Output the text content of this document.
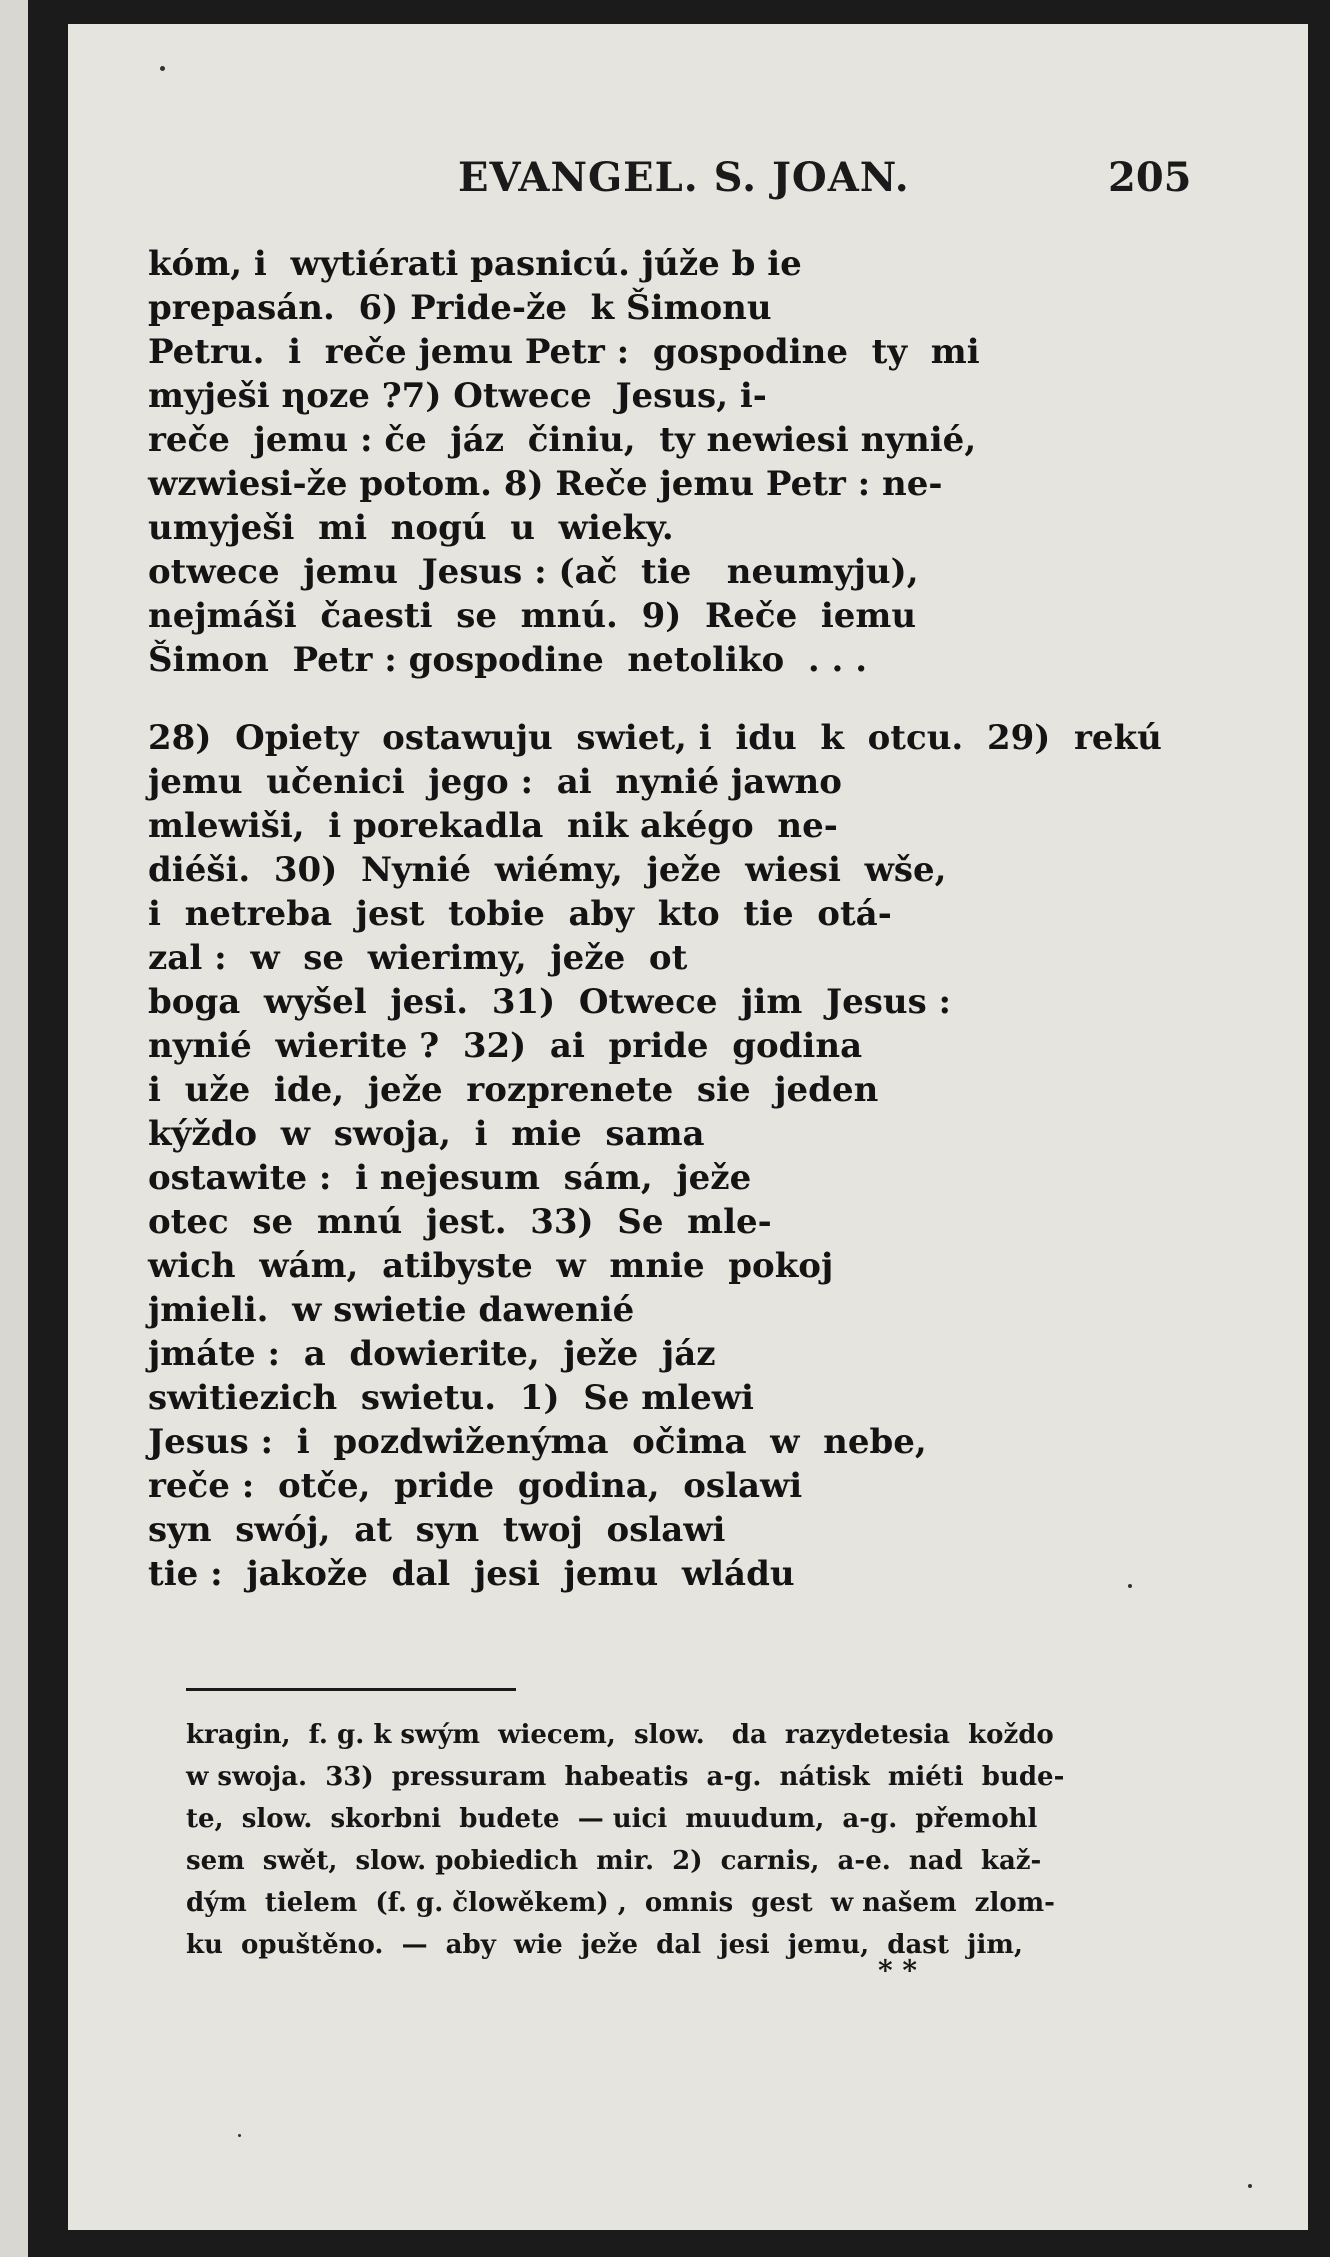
EVANGEL. S. JOAN.	205
kóm, i  wytiérati pasnicú. júže b ie
prepasán.  6) Pride-že  k Šimonu
Petru.  i  reče jemu Petr :  gospodine  ty  mi
myješi ɳoze ?7) Otwece  Jesus, i-
reče  jemu : če  jáz  činiu,  ty newiesi nynié,
wzwiesi-že potom. 8) Reče jemu Petr : ne-
umyješi  mi  nogú  u  wieky.
otwece  jemu  Jesus : (ač  tie   neumyju),
nejmáši  čaesti  se  mnú.  9)  Reče  iemu
Šimon  Petr : gospodine  netoliko  . . .
28)  Opiety  ostawuju  swiet, i  idu  k  otcu.  29)  rekú
jemu  učenici  jego :  ai  nynié jawno
mlewiši,  i porekadla  nik akégo  ne-
diéši.  30)  Nynié  wiémy,  ježe  wiesi  wše,
i  netreba  jest  tobie  aby  kto  tie  otá-
zal :  w  se  wierimy,  ježe  ot
boga  wyšel  jesi.  31)  Otwece  jim  Jesus :
nynié  wierite ?  32)  ai  pride  godina
i  uže  ide,  ježe  rozprenete  sie  jeden
kýždo  w  swoja,  i  mie  sama
ostawite :  i nejesum  sám,  ježe
otec  se  mnú  jest.  33)  Se  mle-
wich  wám,  atibyste  w  mnie  pokoj
jmieli.  w swietie dawenié
jmáte :  a  dowierite,  ježe  jáz
switiezich  swietu.  1)  Se mlewi
Jesus :  i  pozdwiženýma  očima  w  nebe,
reče :  otče,  pride  godina,  oslawi
syn  swój,  at  syn  twoj  oslawi
tie :  jakože  dal  jesi  jemu  wládu
kragin,  f. g. k swým  wiecem,  slow.   da  razydetesia  koždo
w swoja.  33)  pressuram  habeatis  a-g.  nátisk  miéti  bude-
te,  slow.  skorbni  budete  — uici  muudum,  a-g.  přemohl
sem  swět,  slow. pobiedich  mir.  2)  carnis,  a-e.  nad  kaž-
dým  tielem  (f. g. člowěkem) ,  omnis  gest  w našem  zlom-
ku  opuštěno.  —  aby  wie  ježe  dal  jesi  jemu,  dast  jim,
* *
